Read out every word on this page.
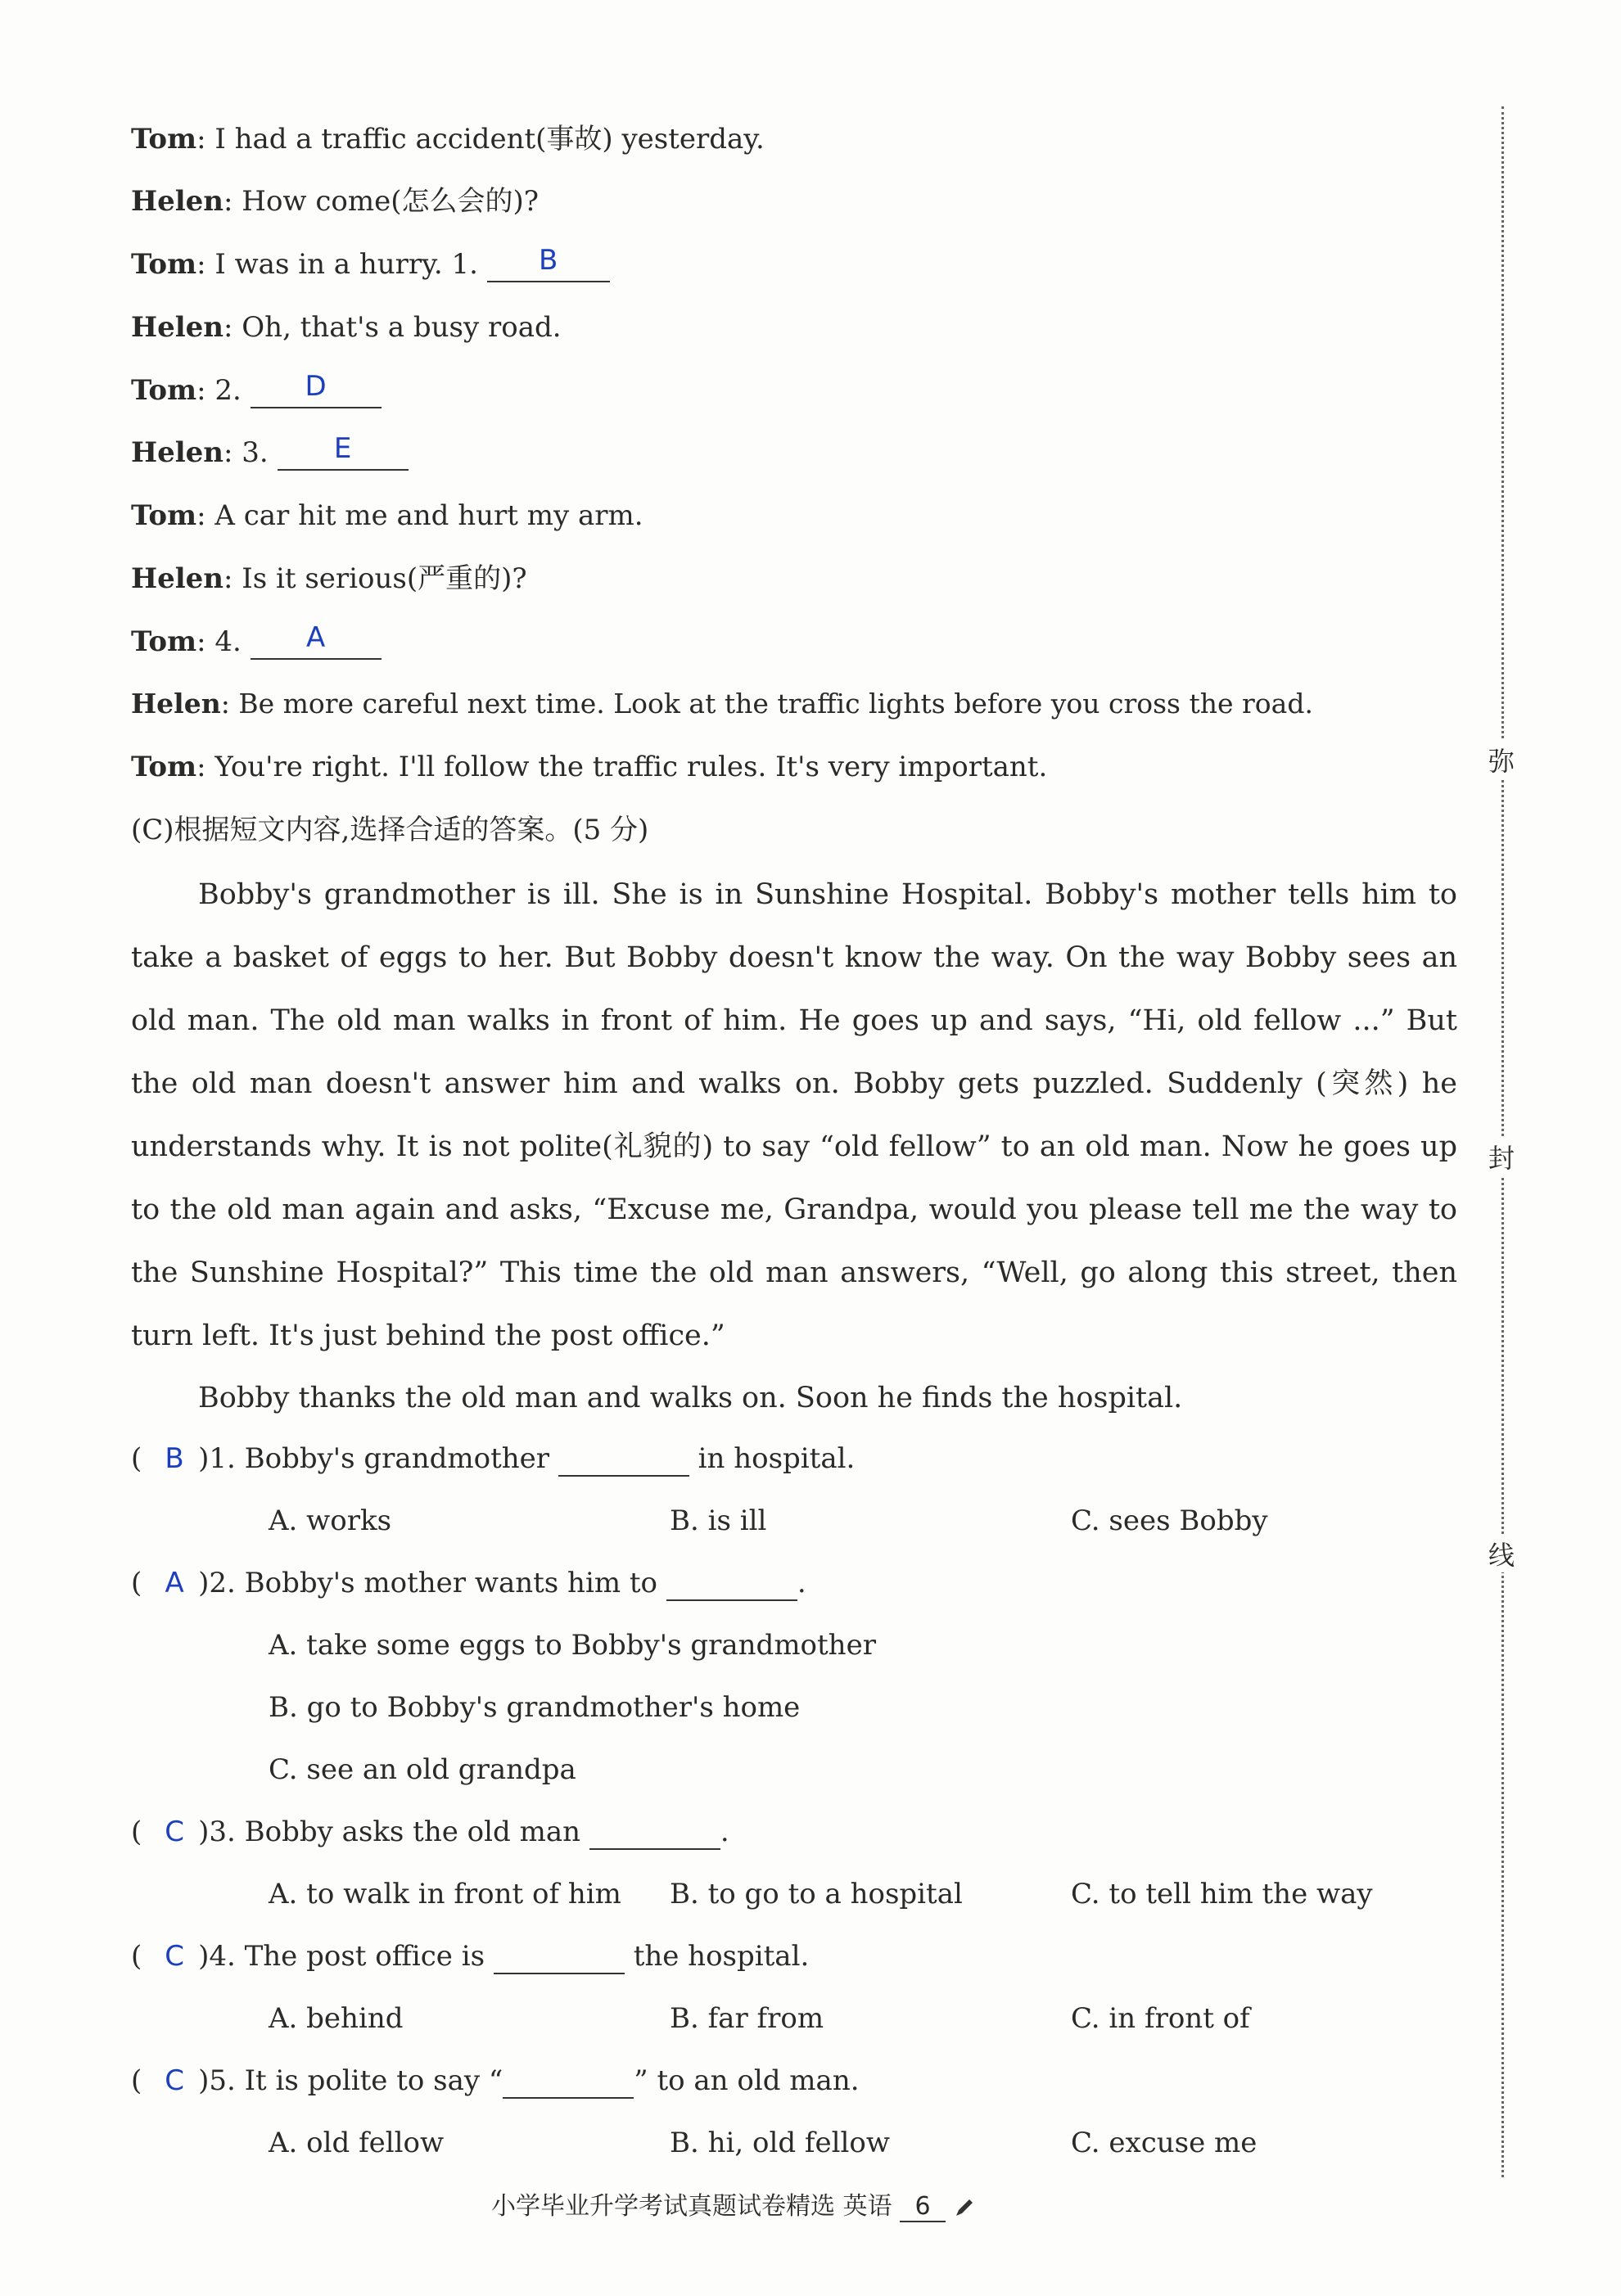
Tom: I had a traffic accident(事故) yesterday.
Helen: How come(怎么会的)?
Tom: I was in a hurry. 1.	B
Helen: Oh, that's a busy road.
Tom: 2.	D
Helen: 3.	E
Tom: A car hit me and hurt my arm.
Helen: Is it serious(严重的)?
Tom: 4.	A
Helen: Be more careful next time. Look at the traffic lights before you cross the road.
Tom: You're right. I'll follow the traffic rules. It's very important.
(C)根据短文内容,选择合适的答案。(5 分)
Bobby's grandmother is ill. She is in Sunshine Hospital. Bobby's mother tells him to take a basket of eggs to her. But Bobby doesn't know the way. On the way Bobby sees an old man. The old man walks in front of him. He goes up and says, “Hi, old fellow ...” But the old man doesn't answer him and walks on. Bobby gets puzzled. Suddenly (突然) he understands why. It is not polite(礼貌的) to say “old fellow” to an old man. Now he goes up to the old man again and asks, “Excuse me, Grandpa, would you please tell me the way to the Sunshine Hospital?” This time the old man answers, “Well, go along this street, then turn left. It's just behind the post office.”
Bobby thanks the old man and walks on. Soon he finds the hospital.
( B )1. Bobby's grandmother	in hospital.
A. works	B. is ill	C. sees Bobby
( A )2. Bobby's mother wants him to	.
A. take some eggs to Bobby's grandmother
B. go to Bobby's grandmother's home
C. see an old grandpa
( C )3. Bobby asks the old man	.
A. to walk in front of him B. to go to a hospital	C. to tell him the way
( C )4. The post office is	the hospital.
A. behind	B. far from	C. in front of
( C )5. It is polite to say “	” to an old man.
A. old fellow	B. hi, old fellow	C. excuse me
弥
封
线
小学毕业升学考试真题试卷精选 英语 6
